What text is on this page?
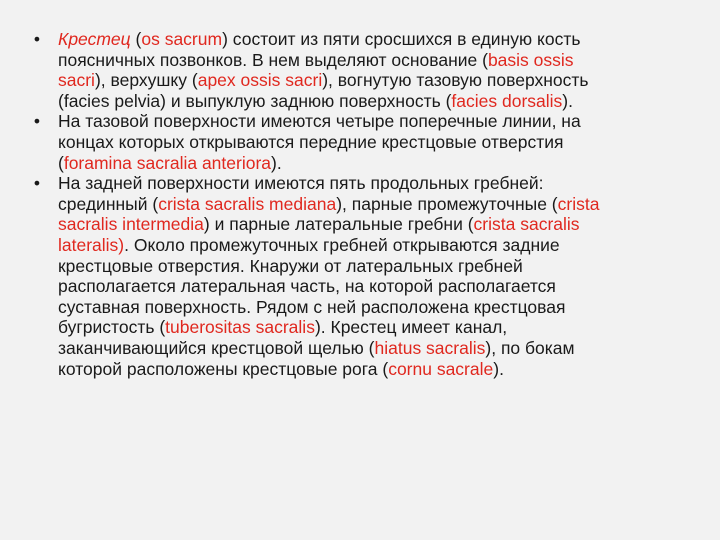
• Крестец (os sacrum) состоит из пяти сросшихся в единую кость
поясничных позвонков. В нем выделяют основание (basis ossis
sacri), верхушку (apex ossis sacri), вогнутую тазовую поверхность
(facies pelvia) и выпуклую заднюю поверхность (facies dorsalis).
• На тазовой поверхности имеются четыре поперечные линии, на
концах которых открываются передние крестцовые отверстия
(foramina sacralia anteriora).
• На задней поверхности имеются пять продольных гребней:
срединный (crista sacralis mediana), парные промежуточные (crista
sacralis intermedia) и парные латеральные гребни (crista sacralis
lateralis). Около промежуточных гребней открываются задние
крестцовые отверстия. Кнаружи от латеральных гребней
располагается латеральная часть, на которой располагается
суставная поверхность. Рядом с ней расположена крестцовая
бугристость (tuberositas sacralis). Крестец имеет канал,
заканчивающийся крестцовой щелью (hiatus sacralis), по бокам
которой расположены крестцовые рога (cornu sacrale).
